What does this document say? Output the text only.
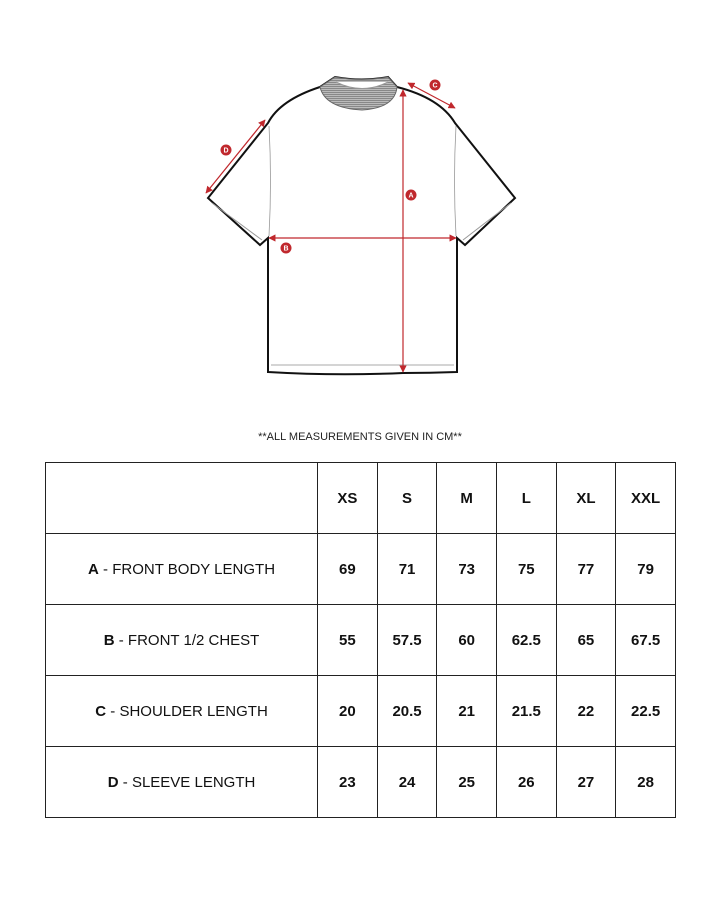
A
B
C
D
**ALL MEASUREMENTS GIVEN IN CM**
	XS	S	M	L	XL	XXL
A - FRONT BODY LENGTH	69	71	73	75	77	79
B - FRONT 1/2 CHEST	55	57.5	60	62.5	65	67.5
C - SHOULDER LENGTH	20	20.5	21	21.5	22	22.5
D - SLEEVE LENGTH	23	24	25	26	27	28
